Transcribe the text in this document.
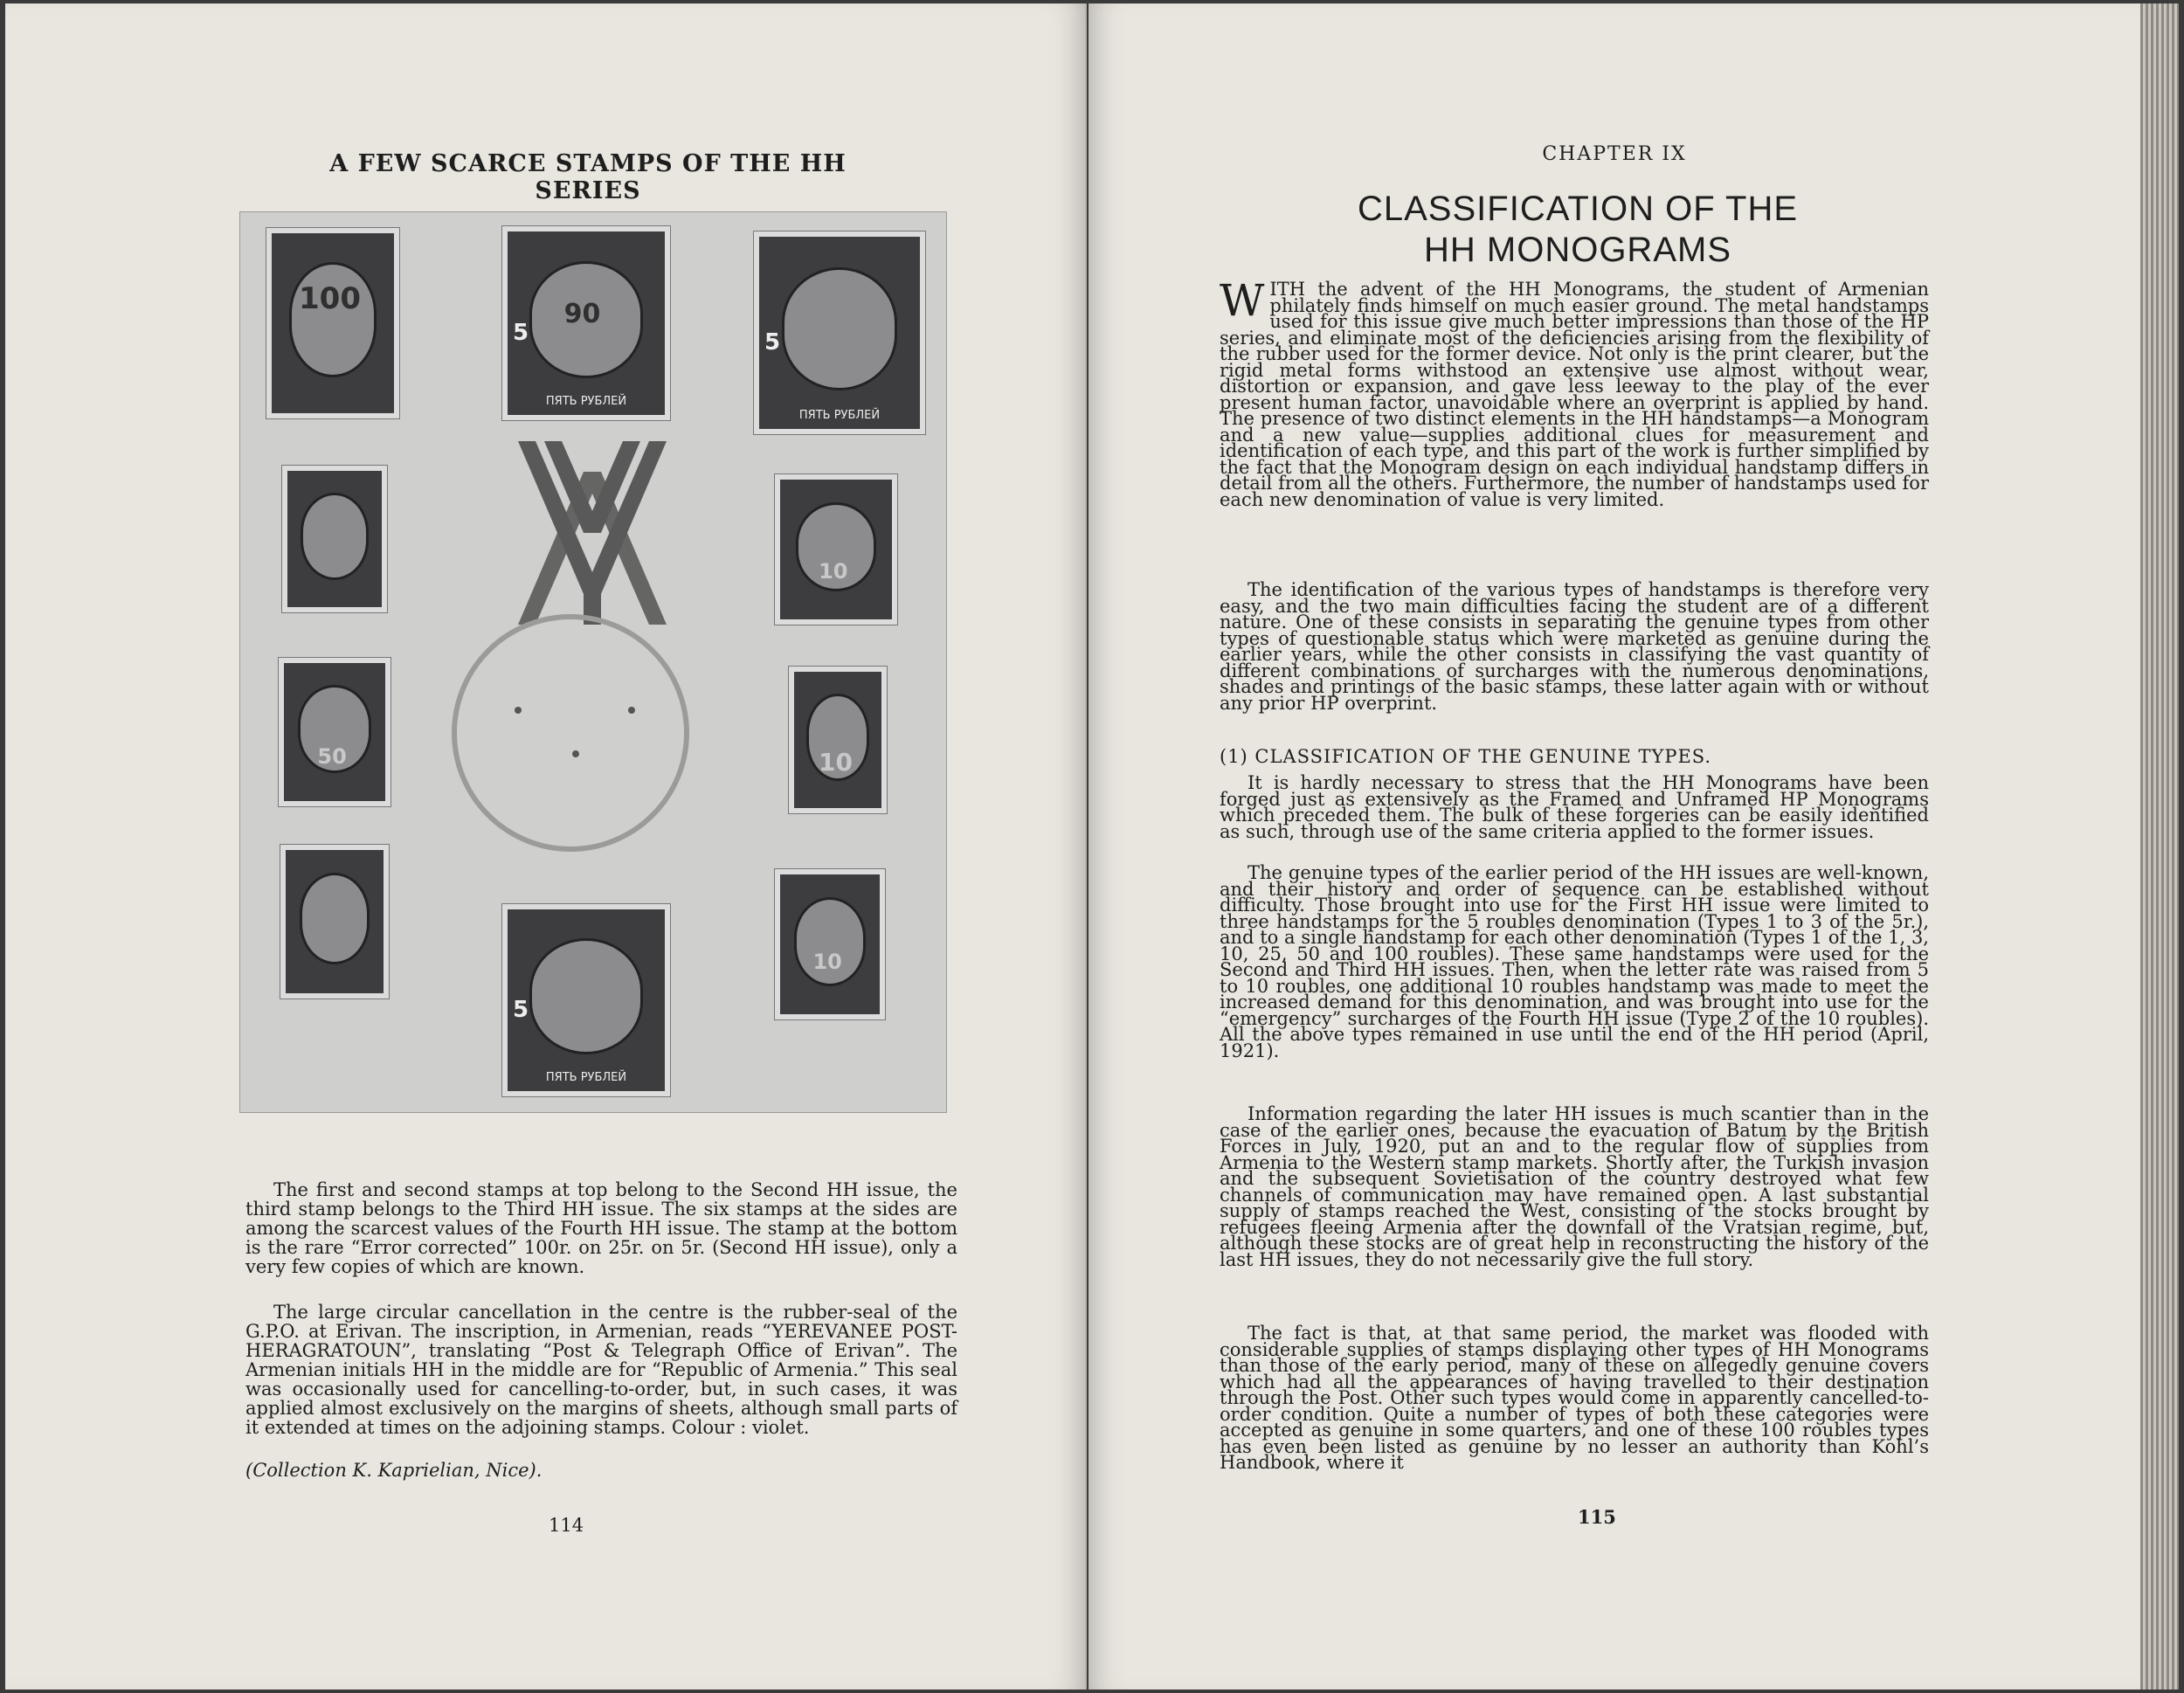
A FEW SCARCE STAMPS OF THE HH SERIES
100	90
5
ПЯТЬ РУБЛЕЙ
5
ПЯТЬ РУБЛЕЙ
50
10
10
10
5
ПЯТЬ РУБЛЕЙ

The first and second stamps at top belong to the Second HH issue, the third stamp belongs to the Third HH issue. The six stamps at the sides are among the scarcest values of the Fourth HH issue. The stamp at the bottom is the rare “Error corrected” 100r. on 25r. on 5r. (Second HH issue), only a very few copies of which are known.

The large circular cancellation in the centre is the rubber-seal of the G.P.O. at Erivan. The inscription, in Armenian, reads “YEREVANEE POST-HERAGRATOUN”, translating “Post & Telegraph Office of Erivan”. The Armenian initials HH in the middle are for “Republic of Armenia.” This seal was occasionally used for cancelling-to-order, but, in such cases, it was applied almost exclusively on the margins of sheets, although small parts of it extended at times on the adjoining stamps. Colour : violet.

(Collection K. Kaprielian, Nice).
114
CHAPTER IX
CLASSIFICATION OF THE HH MONOGRAMS

WITH the advent of the HH Monograms, the student of Armenian philately finds himself on much easier ground. The metal handstamps used for this issue give much better impressions than those of the HP series, and eliminate most of the deficiencies arising from the flexibility of the rubber used for the former device. Not only is the print clearer, but the rigid metal forms withstood an extensive use almost without wear, distortion or expansion, and gave less leeway to the play of the ever present human factor, unavoidable where an overprint is applied by hand. The presence of two distinct elements in the HH handstamps—a Monogram and a new value—supplies additional clues for measurement and identification of each type, and this part of the work is further simplified by the fact that the Monogram design on each individual handstamp differs in detail from all the others. Furthermore, the number of handstamps used for each new denomination of value is very limited.

The identification of the various types of handstamps is therefore very easy, and the two main difficulties facing the student are of a different nature. One of these consists in separating the genuine types from other types of questionable status which were marketed as genuine during the earlier years, while the other consists in classifying the vast quantity of different combinations of surcharges with the numerous denominations, shades and printings of the basic stamps, these latter again with or without any prior HP overprint.

(1) CLASSIFICATION OF THE GENUINE TYPES.

It is hardly necessary to stress that the HH Monograms have been forged just as extensively as the Framed and Unframed HP Monograms which preceded them. The bulk of these forgeries can be easily identified as such, through use of the same criteria applied to the former issues.

The genuine types of the earlier period of the HH issues are well-known, and their history and order of sequence can be established without difficulty. Those brought into use for the First HH issue were limited to three handstamps for the 5 roubles denomination (Types 1 to 3 of the 5r.), and to a single handstamp for each other denomination (Types 1 of the 1, 3, 10, 25, 50 and 100 roubles). These same handstamps were used for the Second and Third HH issues. Then, when the letter rate was raised from 5 to 10 roubles, one additional 10 roubles handstamp was made to meet the increased demand for this denomination, and was brought into use for the “emergency” surcharges of the Fourth HH issue (Type 2 of the 10 roubles). All the above types remained in use until the end of the HH period (April, 1921).

Information regarding the later HH issues is much scantier than in the case of the earlier ones, because the evacuation of Batum by the British Forces in July, 1920, put an and to the regular flow of supplies from Armenia to the Western stamp markets. Shortly after, the Turkish invasion and the subsequent Sovietisation of the country destroyed what few channels of communication may have remained open. A last substantial supply of stamps reached the West, consisting of the stocks brought by refugees fleeing Armenia after the downfall of the Vratsian regime, but, although these stocks are of great help in reconstructing the history of the last HH issues, they do not necessarily give the full story.

The fact is that, at that same period, the market was flooded with considerable supplies of stamps displaying other types of HH Monograms than those of the early period, many of these on allegedly genuine covers which had all the appearances of having travelled to their destination through the Post. Other such types would come in apparently cancelled-to-order condition. Quite a number of types of both these categories were accepted as genuine in some quarters, and one of these 100 roubles types has even been listed as genuine by no lesser an authority than Kohl’s Handbook, where it

115
